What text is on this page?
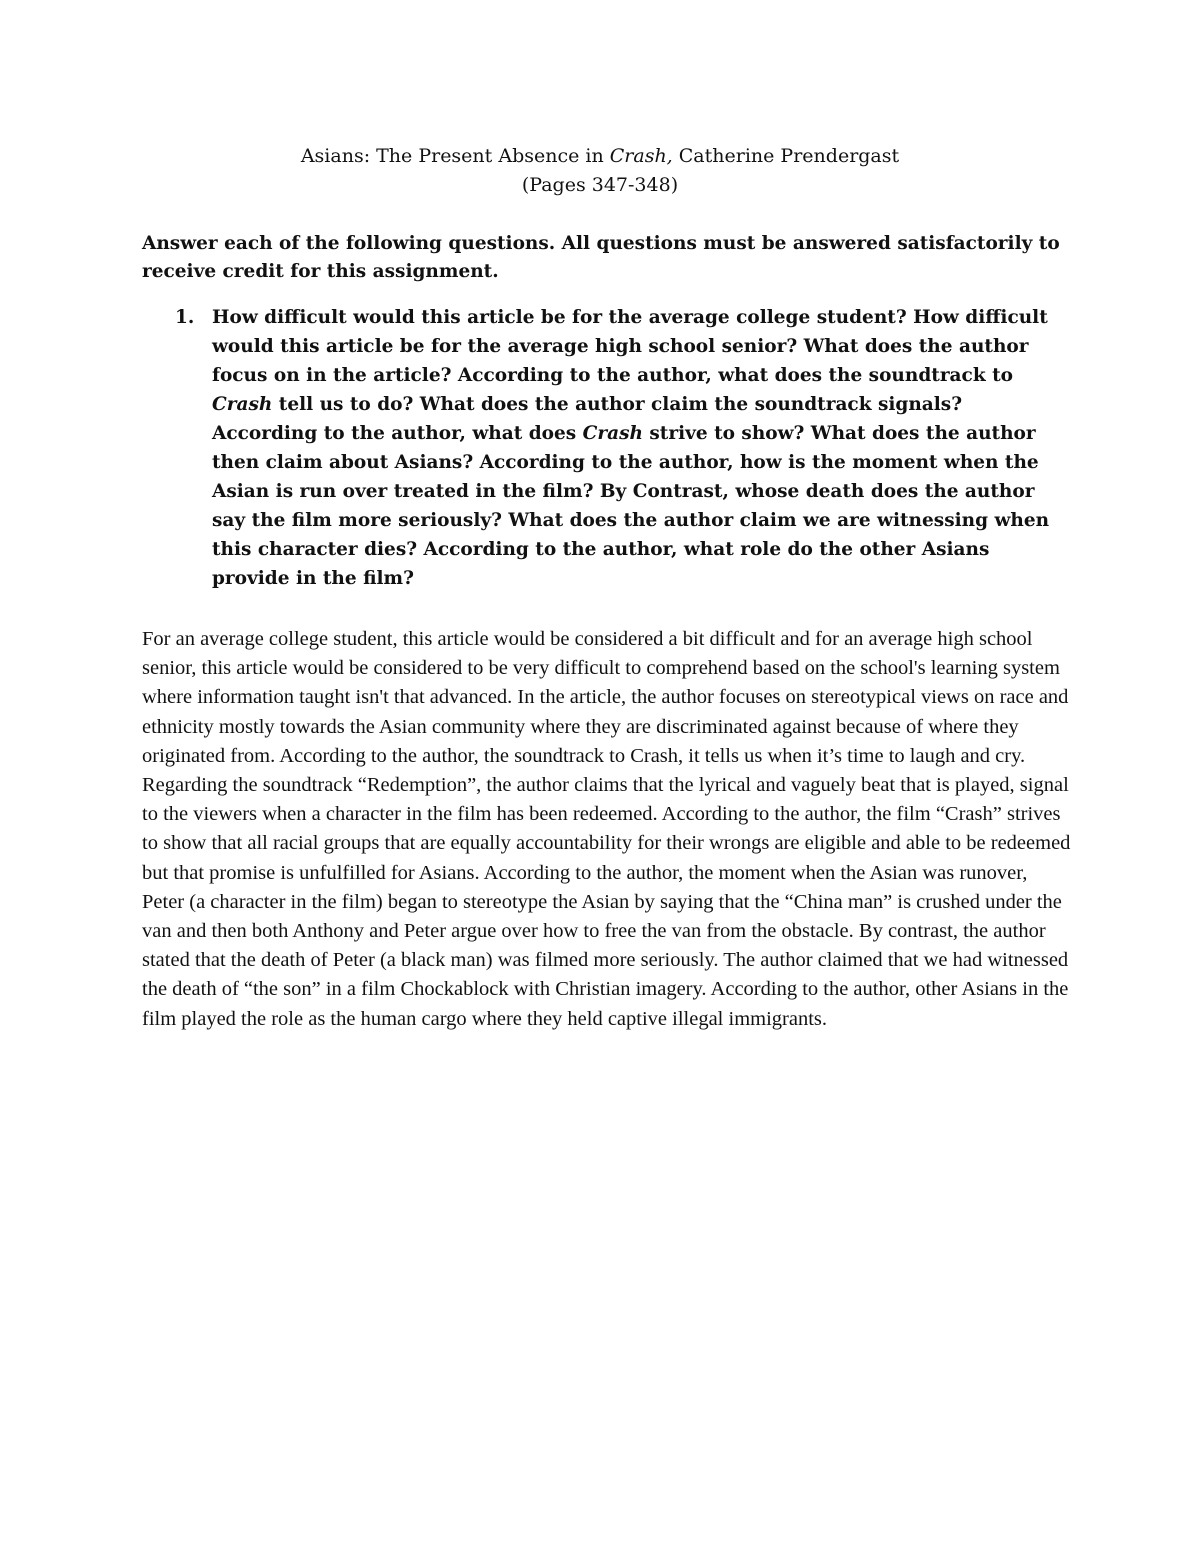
Asians: The Present Absence in Crash, Catherine Prendergast
(Pages 347-348)
Answer each of the following questions. All questions must be answered satisfactorily to receive credit for this assignment.
1. How difficult would this article be for the average college student? How difficult would this article be for the average high school senior? What does the author focus on in the article? According to the author, what does the soundtrack to Crash tell us to do? What does the author claim the soundtrack signals? According to the author, what does Crash strive to show? What does the author then claim about Asians? According to the author, how is the moment when the Asian is run over treated in the film? By Contrast, whose death does the author say the film more seriously? What does the author claim we are witnessing when this character dies? According to the author, what role do the other Asians provide in the film?
For an average college student, this article would be considered a bit difficult and for an average high school senior, this article would be considered to be very difficult to comprehend based on the school's learning system where information taught isn't that advanced. In the article, the author focuses on stereotypical views on race and ethnicity mostly towards the Asian community where they are discriminated against because of where they originated from. According to the author, the soundtrack to Crash, it tells us when it’s time to laugh and cry. Regarding the soundtrack “Redemption”, the author claims that the lyrical and vaguely beat that is played, signal to the viewers when a character in the film has been redeemed. According to the author, the film “Crash” strives to show that all racial groups that are equally accountability for their wrongs are eligible and able to be redeemed but that promise is unfulfilled for Asians. According to the author, the moment when the Asian was runover, Peter (a character in the film) began to stereotype the Asian by saying that the “China man” is crushed under the van and then both Anthony and Peter argue over how to free the van from the obstacle. By contrast, the author stated that the death of Peter (a black man) was filmed more seriously. The author claimed that we had witnessed the death of “the son” in a film Chockablock with Christian imagery. According to the author, other Asians in the film played the role as the human cargo where they held captive illegal immigrants.
